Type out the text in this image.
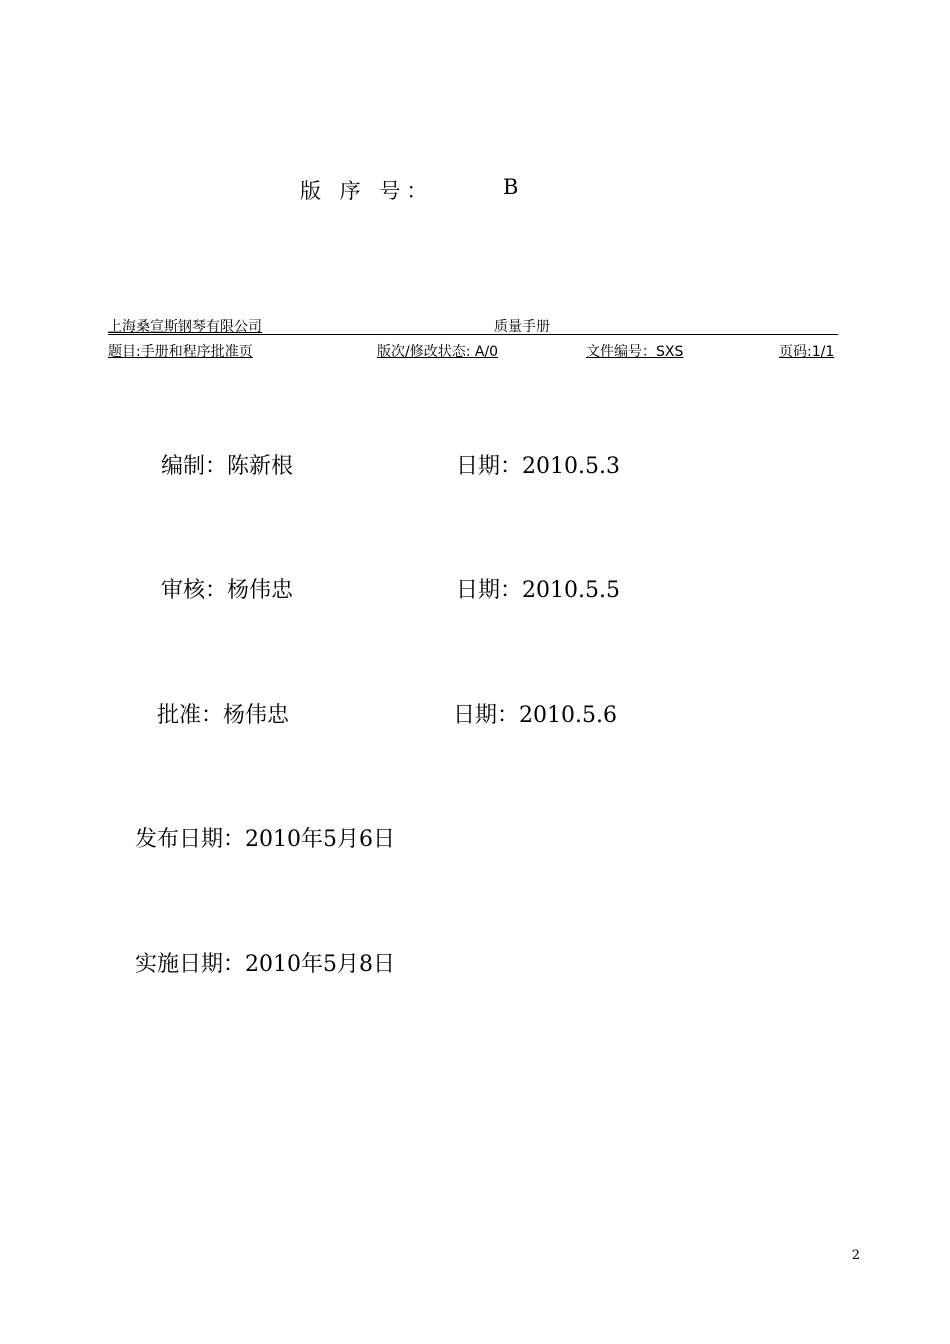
版 序 号：	B
上海桑宣斯钢琴有限公司	质量手册
题目:手册和程序批准页	版次/修改状态: A/0	文件编号：SXS	页码:1/1
编制：陈新根	日期：2010.5.3
审核：杨伟忠	日期：2010.5.5
批准：杨伟忠	日期：2010.5.6
发布日期：2010年5月6日
实施日期：2010年5月8日
2
